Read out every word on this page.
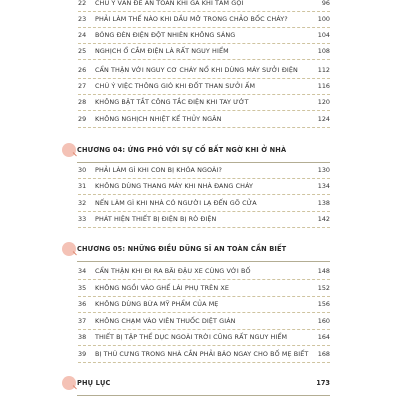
22	CHÚ Ý VẤN ĐỀ AN TOÀN KHI GÀ KHI TẮM GỘI	96
23	PHẢI LÀM THẾ NÀO KHI DẦU MỠ TRONG CHẢO BỐC CHÁY?	100
24	BÓNG ĐÈN ĐIỆN ĐỘT NHIÊN KHÔNG SÁNG	104
25	NGHỊCH Ổ CẮM ĐIỆN LÀ RẤT NGUY HIỂM	108
26	CẨN THẬN VỚI NGUY CƠ CHÁY NỔ KHI DÙNG MÁY SƯỞI ĐIỆN	112
27	CHÚ Ý VIỆC THÔNG GIÓ KHI ĐỐT THAN SƯỞI ẤM	116
28	KHÔNG BẬT TẮT CÔNG TẮC ĐIỆN KHI TAY ƯỚT	120
29	KHÔNG NGHỊCH NHIỆT KẾ THỦY NGÂN	124
CHƯƠNG 04: ỨNG PHÓ VỚI SỰ CỐ BẤT NGỜ KHI Ở NHÀ
30	PHẢI LÀM GÌ KHI CON BỊ KHÓA NGOÀI?	130
31	KHÔNG DÙNG THANG MÁY KHI NHÀ ĐANG CHÁY	134
32	NẾN LÀM GÌ KHI NHÀ CÓ NGƯỜI LẠ ĐẾN GÕ CỬA	138
33	PHÁT HIỆN THIẾT BỊ ĐIỆN BỊ RÒ ĐIỆN	142
CHƯƠNG 05: NHỮNG ĐIỀU DŨNG SĨ AN TOÀN CẦN BIẾT
34	CẨN THẬN KHI ĐI RA BÃI ĐẬU XE CÙNG VỚI BỐ	148
35	KHÔNG NGỒI VÀO GHẾ LÁI PHỤ TRÊN XE	152
36	KHÔNG DÙNG BỪA MỸ PHẨM CỦA MẸ	156
37	KHÔNG CHẠM VÀO VIÊN THUỐC DIỆT GIÁN	160
38	THIẾT BỊ TẬP THỂ DỤC NGOÀI TRỜI CŨNG RẤT NGUY HIỂM	164
39	BỊ THÚ CƯNG TRONG NHÀ CẮN PHẢI BÁO NGAY CHO BỐ MẸ BIẾT 168
PHỤ LỤC	173
